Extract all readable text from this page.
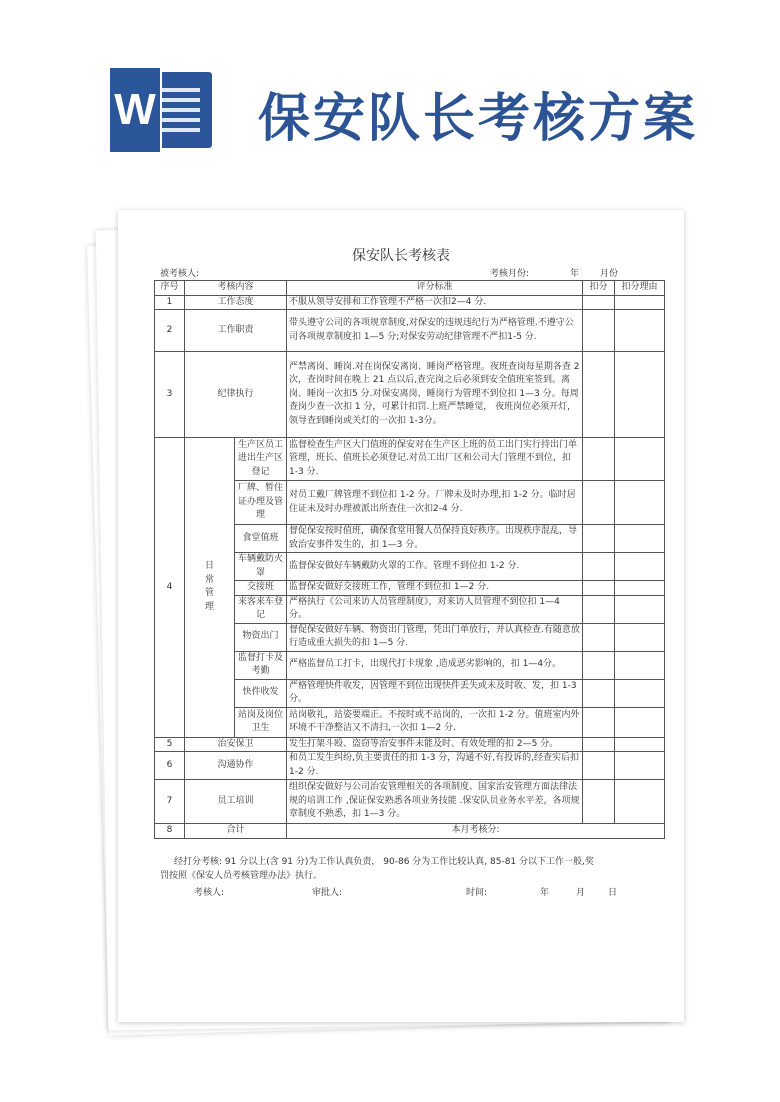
W 保安队长考核方案
保安队长考核表
被考核人:	考核月份:	年 月份
序号	考核内容		评分标准	扣分	扣分理由
1	工作态度		不服从领导安排和工作管理不严格一次扣2—4 分.		
2	工作职责		带头遵守公司的各项规章制度,对保安的违规违纪行为严格管理.不遵守公司各项规章制度扣 1—5 分;对保安劳动纪律管理不严扣1-5 分.		
3	纪律执行		严禁离岗、睡岗.对在岗保安离岗、睡岗严格管理。夜班查岗每星期各查 2 次，查岗时间在晚上 21 点以后,查完岗之后必须到安全值班室签到。离岗、睡岗一次扣5 分.对保安离岗、睡岗行为管理不到位扣 1—3 分。每周查岗少查一次扣 1 分，可累计扣罚.上班严禁睡觉， 夜班岗位必须开灯， 领导查到睡岗或关灯的一次扣 1-3分。		
4	日常管理	生产区员工进出生产区登记	监督检查生产区大门值班的保安对在生产区上班的员工出门实行持出门单管理，班长、值班长必须登记.对员工出厂区和公司大门管理不到位，扣 1-3 分.		
		厂牌、暂住证办理及管理	对员工戴厂牌管理不到位扣 1-2 分。厂牌未及时办理,扣 1-2 分。临时居住证未及时办理被派出所查住一次扣2-4 分.		
		食堂值班	督促保安按时值班，确保食堂用餐人员保持良好秩序。出现秩序混乱，导致治安事件发生的，扣 1—3 分。		
		车辆戴防火罩	监督保安做好车辆戴防火罩的工作。管理不到位扣 1-2 分.		
		交接班	监督保安做好交接班工作，管理不到位扣 1—2 分.		
		来客来车登记	严格执行《公司来访人员管理制度》，对来访人员管理不到位扣 1—4 分。		
		物资出门	督促保安做好车辆、物资出门管理，凭出门单放行，并认真检查.有随意放行造成重大损失的扣 1—5 分.		
		监督打卡及考勤	严格监督员工打卡，出现代打卡现象 ,造成恶劣影响的，扣 1—4分。		
		快件收发	严格管理快件收发，因管理不到位出现快件丢失或未及时收、发，扣 1-3 分。		
		站岗及岗位卫生	站岗敬礼，站姿要端正。不按时或不站岗的，一次扣 1-2 分。值班室内外环境不干净整洁又不清扫,一次扣 1—2 分.		
5	治安保卫		发生打架斗殴、盗窃等治安事件未能及时、有效处理的扣 2—5 分。		
6	沟通协作		和员工发生纠纷,负主要责任的扣 1-3 分，沟通不好,有投诉的,经查实后扣 1-2 分.		
7	员工培训		组织保安做好与公司治安管理相关的各项制度、国家治安管理方面法律法规的培训工作 ,保证保安熟悉各项业务技能 .保安队员业务水平差，各项规章制度不熟悉，扣 1—3 分。		
8	合计		本月考核分:		
经打分考核: 91 分以上(含 91 分)为工作认真负责， 90-86 分为工作比较认真, 85-81 分以下工作一般,奖
罚按照《保安人员考核管理办法》执行。
考核人:	审批人:	时间:	年	月	日
